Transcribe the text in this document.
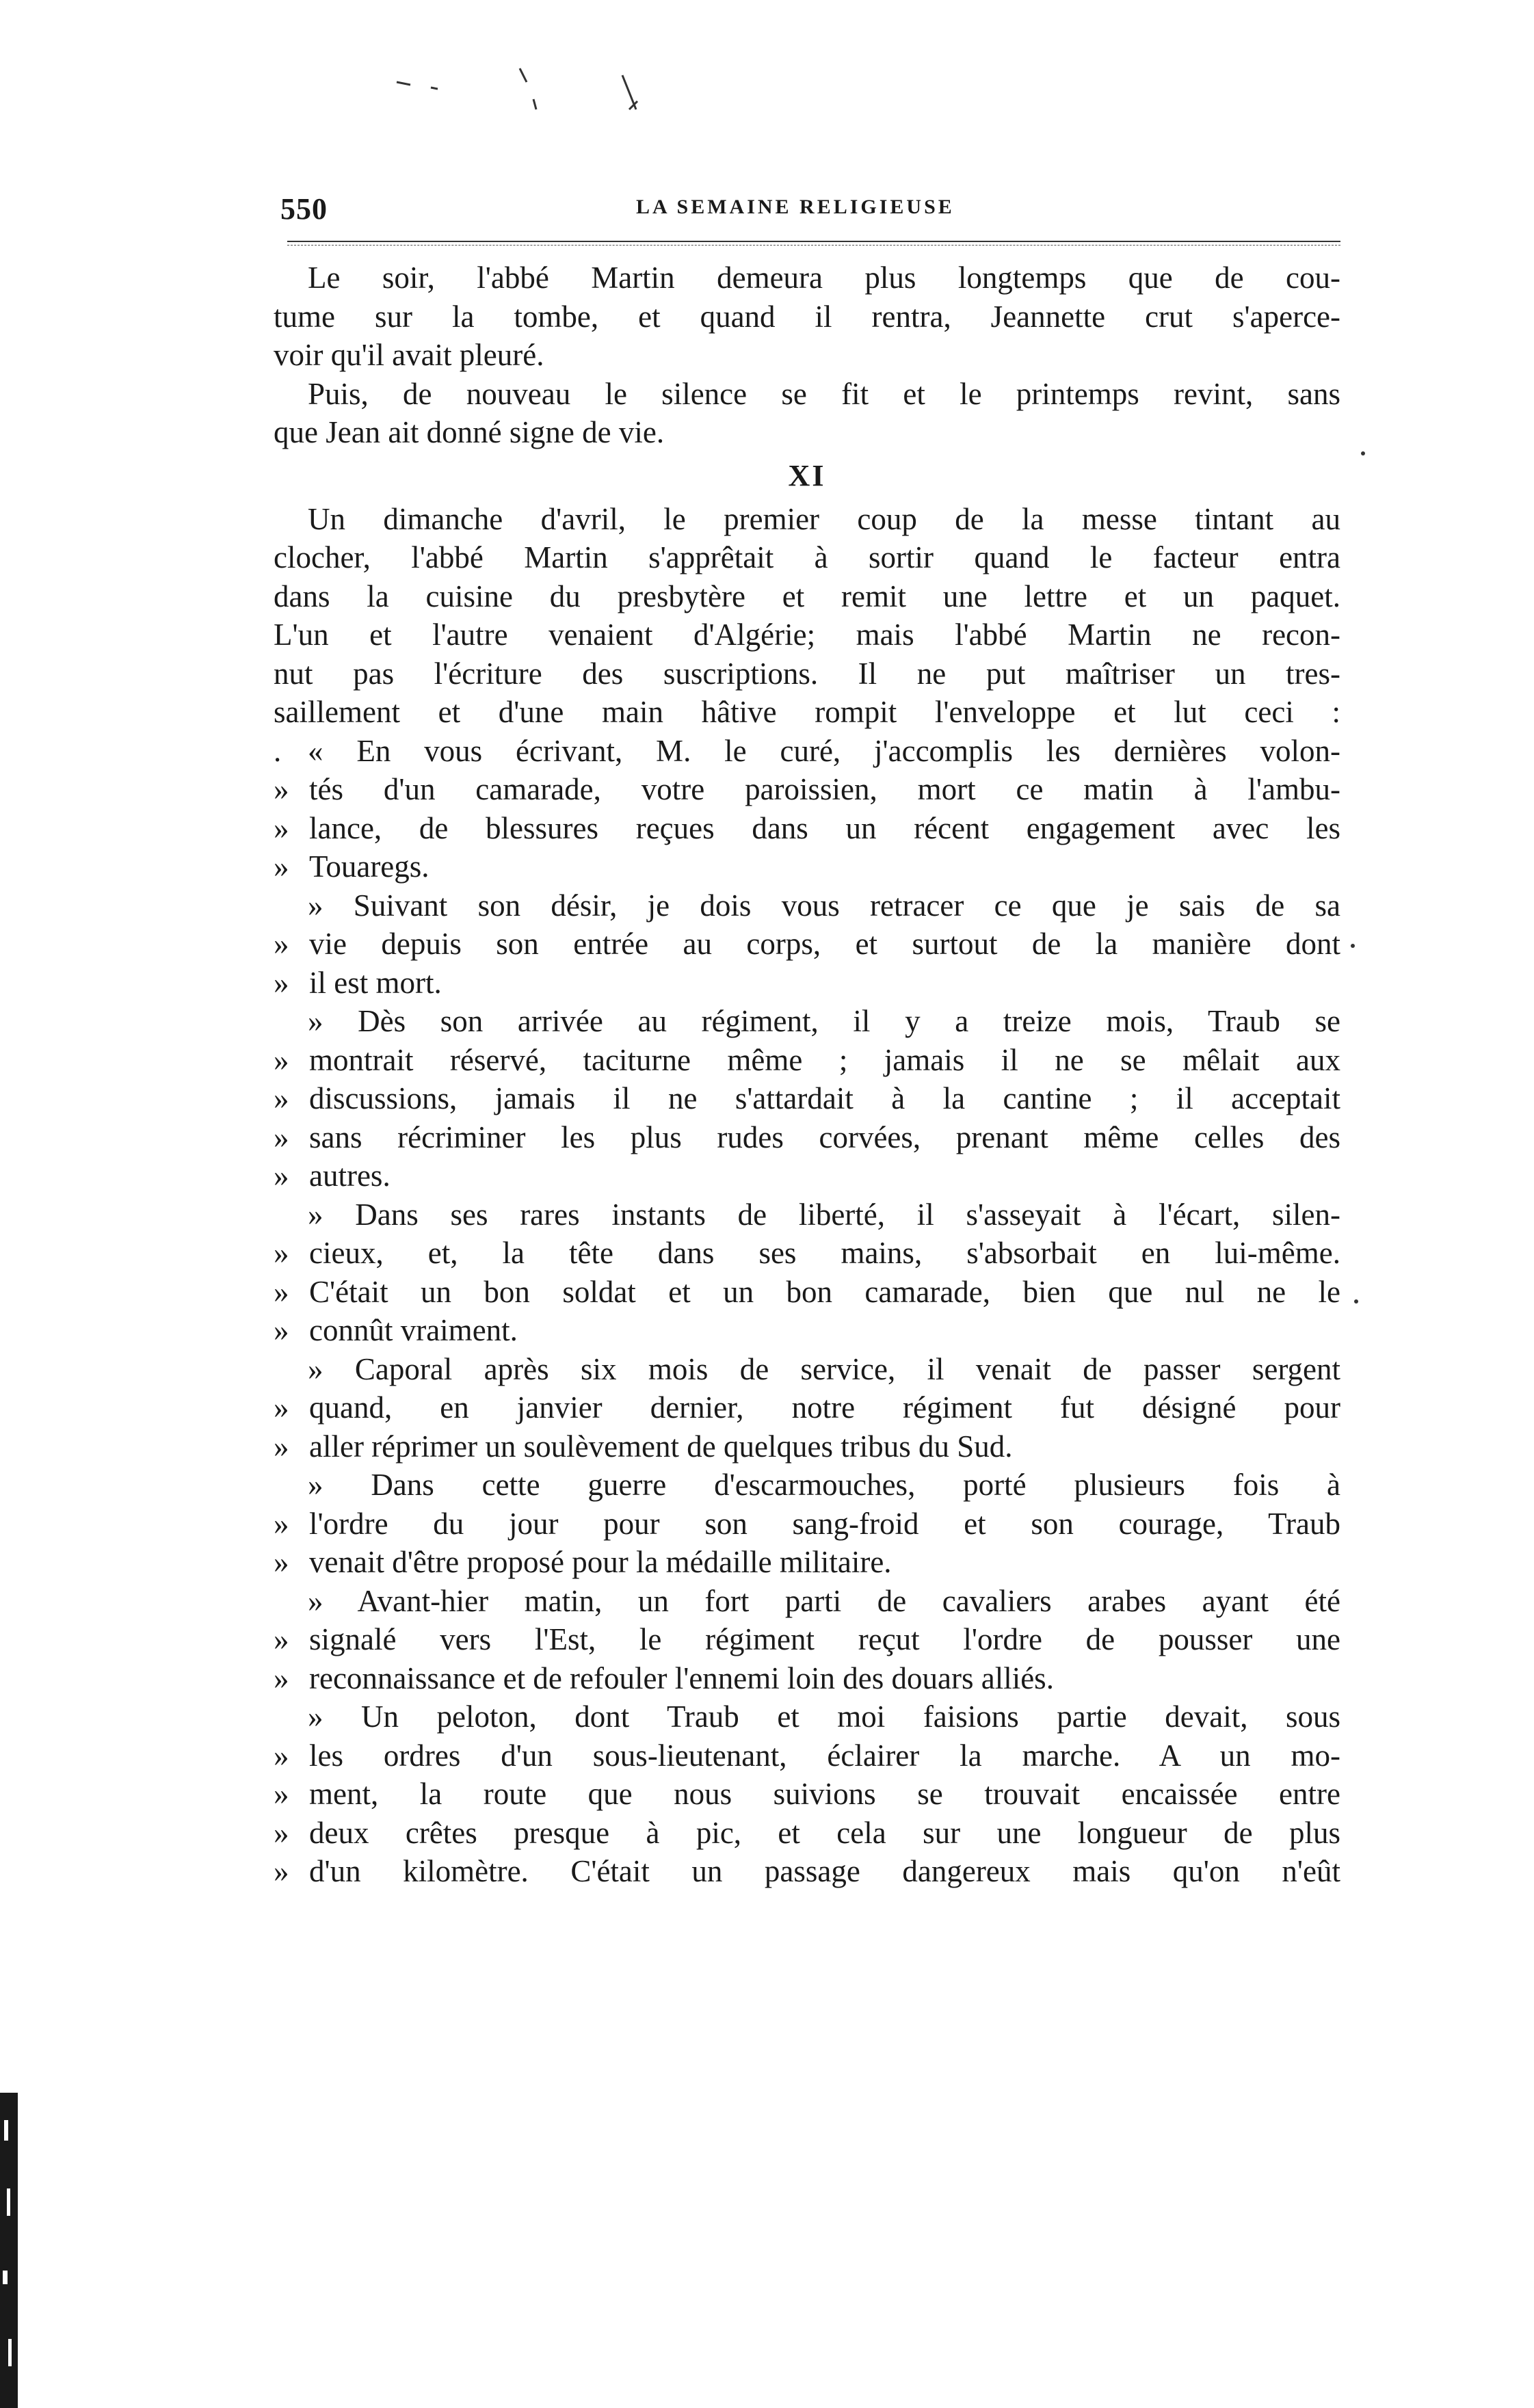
550	LA SEMAINE RELIGIEUSE
Le soir, l'abbé Martin demeura plus longtemps que de cou-
tume sur la tombe, et quand il rentra, Jeannette crut s'aperce-
voir qu'il avait pleuré.
Puis, de nouveau le silence se fit et le printemps revint, sans
que Jean ait donné signe de vie.
XI
Un dimanche d'avril, le premier coup de la messe tintant au
clocher, l'abbé Martin s'apprêtait à sortir quand le facteur entra
dans la cuisine du presbytère et remit une lettre et un paquet.
L'un et l'autre venaient d'Algérie; mais l'abbé Martin ne recon-
nut pas l'écriture des suscriptions. Il ne put maîtriser un tres-
saillement et d'une main hâtive rompit l'enveloppe et lut ceci :
. « En vous écrivant, M. le curé, j'accomplis les dernières volon-
» tés d'un camarade, votre paroissien, mort ce matin à l'ambu-
» lance, de blessures reçues dans un récent engagement avec les
» Touaregs.
» Suivant son désir, je dois vous retracer ce que je sais de sa
» vie depuis son entrée au corps, et surtout de la manière dont
» il est mort.
» Dès son arrivée au régiment, il y a treize mois, Traub se
» montrait réservé, taciturne même ; jamais il ne se mêlait aux
» discussions, jamais il ne s'attardait à la cantine ; il acceptait
» sans récriminer les plus rudes corvées, prenant même celles des
» autres.
» Dans ses rares instants de liberté, il s'asseyait à l'écart, silen-
» cieux, et, la tête dans ses mains, s'absorbait en lui-même.
» C'était un bon soldat et un bon camarade, bien que nul ne le
» connût vraiment.
» Caporal après six mois de service, il venait de passer sergent
» quand, en janvier dernier, notre régiment fut désigné pour
» aller réprimer un soulèvement de quelques tribus du Sud.
» Dans cette guerre d'escarmouches, porté plusieurs fois à
» l'ordre du jour pour son sang-froid et son courage, Traub
» venait d'être proposé pour la médaille militaire.
» Avant-hier matin, un fort parti de cavaliers arabes ayant été
» signalé vers l'Est, le régiment reçut l'ordre de pousser une
» reconnaissance et de refouler l'ennemi loin des douars alliés.
» Un peloton, dont Traub et moi faisions partie devait, sous
» les ordres d'un sous-lieutenant, éclairer la marche. A un mo-
» ment, la route que nous suivions se trouvait encaissée entre
» deux crêtes presque à pic, et cela sur une longueur de plus
» d'un kilomètre. C'était un passage dangereux mais qu'on n'eût
